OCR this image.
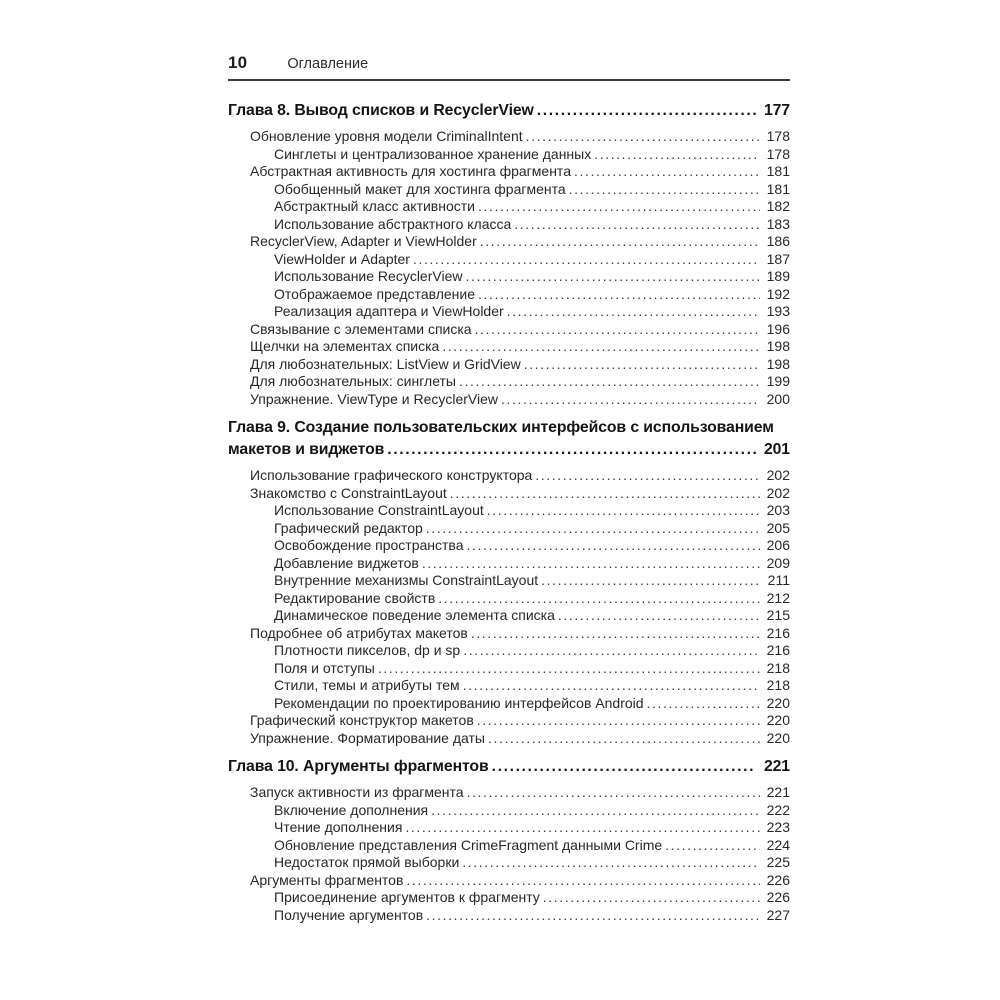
10	Оглавление
Глава 8. Вывод списков и RecyclerView .....	177
Обновление уровня модели CriminalIntent .....	178
Синглеты и централизованное хранение данных .....	178
Абстрактная активность для хостинга фрагмента .....	181
Обобщенный макет для хостинга фрагмента .....	181
Абстрактный класс активности .....	182
Использование абстрактного класса .....	183
RecyclerView, Adapter и ViewHolder .....	186
ViewHolder и Adapter .....	187
Использование RecyclerView .....	189
Отображаемое представление .....	192
Реализация адаптера и ViewHolder .....	193
Связывание с элементами списка .....	196
Щелчки на элементах списка .....	198
Для любознательных: ListView и GridView .....	198
Для любознательных: синглеты .....	199
Упражнение. ViewType и RecyclerView .....	200
Глава 9. Создание пользовательских интерфейсов с использованием
макетов и виджетов .....	201
Использование графического конструктора .....	202
Знакомство с ConstraintLayout .....	202
Использование ConstraintLayout .....	203
Графический редактор .....	205
Освобождение пространства .....	206
Добавление виджетов .....	209
Внутренние механизмы ConstraintLayout .....	211
Редактирование свойств .....	212
Динамическое поведение элемента списка .....	215
Подробнее об атрибутах макетов .....	216
Плотности пикселов, dp и sp .....	216
Поля и отступы .....	218
Стили, темы и атрибуты тем .....	218
Рекомендации по проектированию интерфейсов Android .....	220
Графический конструктор макетов .....	220
Упражнение. Форматирование даты .....	220
Глава 10. Аргументы фрагментов .....	221
Запуск активности из фрагмента .....	221
Включение дополнения .....	222
Чтение дополнения .....	223
Обновление представления CrimeFragment данными Crime .....	224
Недостаток прямой выборки .....	225
Аргументы фрагментов .....	226
Присоединение аргументов к фрагменту .....	226
Получение аргументов .....	227
